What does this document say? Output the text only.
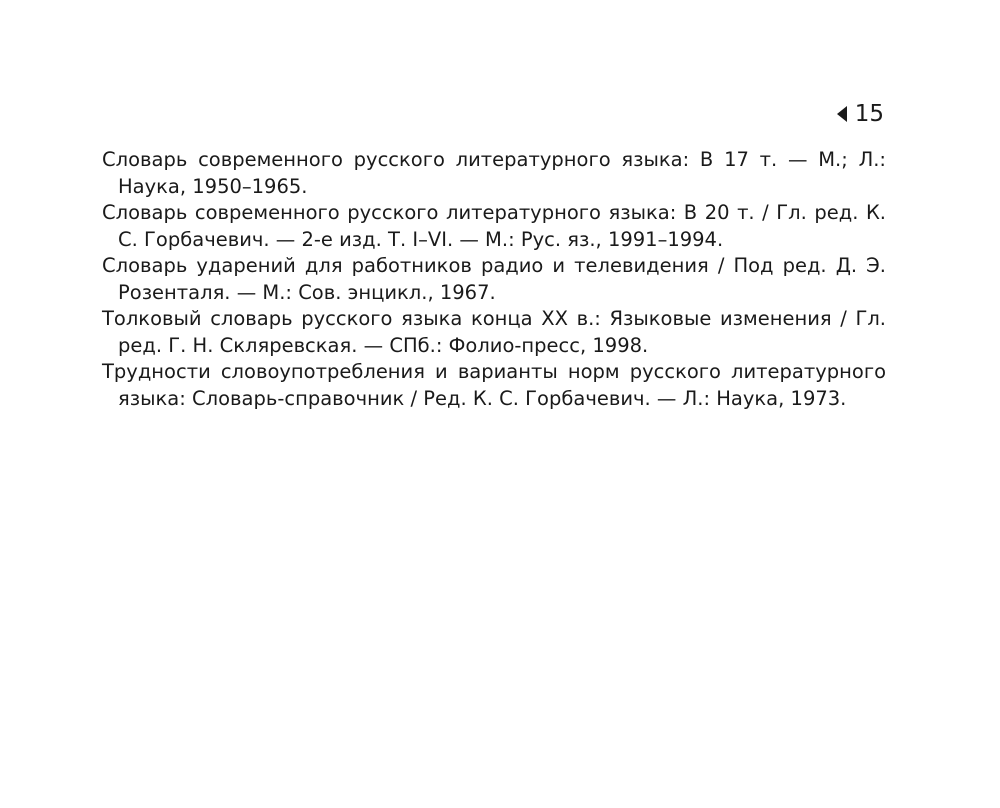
15
Словарь современного русского литературного языка: В 17 т. — М.; Л.: Наука, 1950–1965.
Словарь современного русского литературного языка: В 20 т. / Гл. ред. К. С. Горбачевич. — 2-е изд. Т. I–VI. — М.: Рус. яз., 1991–1994.
Словарь ударений для работников радио и телевидения / Под ред. Д. Э. Розенталя. — М.: Сов. энцикл., 1967.
Толковый словарь русского языка конца XX в.: Языковые изменения / Гл. ред. Г. Н. Скляревская. — СПб.: Фолио-пресс, 1998.
Трудности словоупотребления и варианты норм русского литературного языка: Словарь-справочник / Ред. К. С. Горбачевич. — Л.: Наука, 1973.
